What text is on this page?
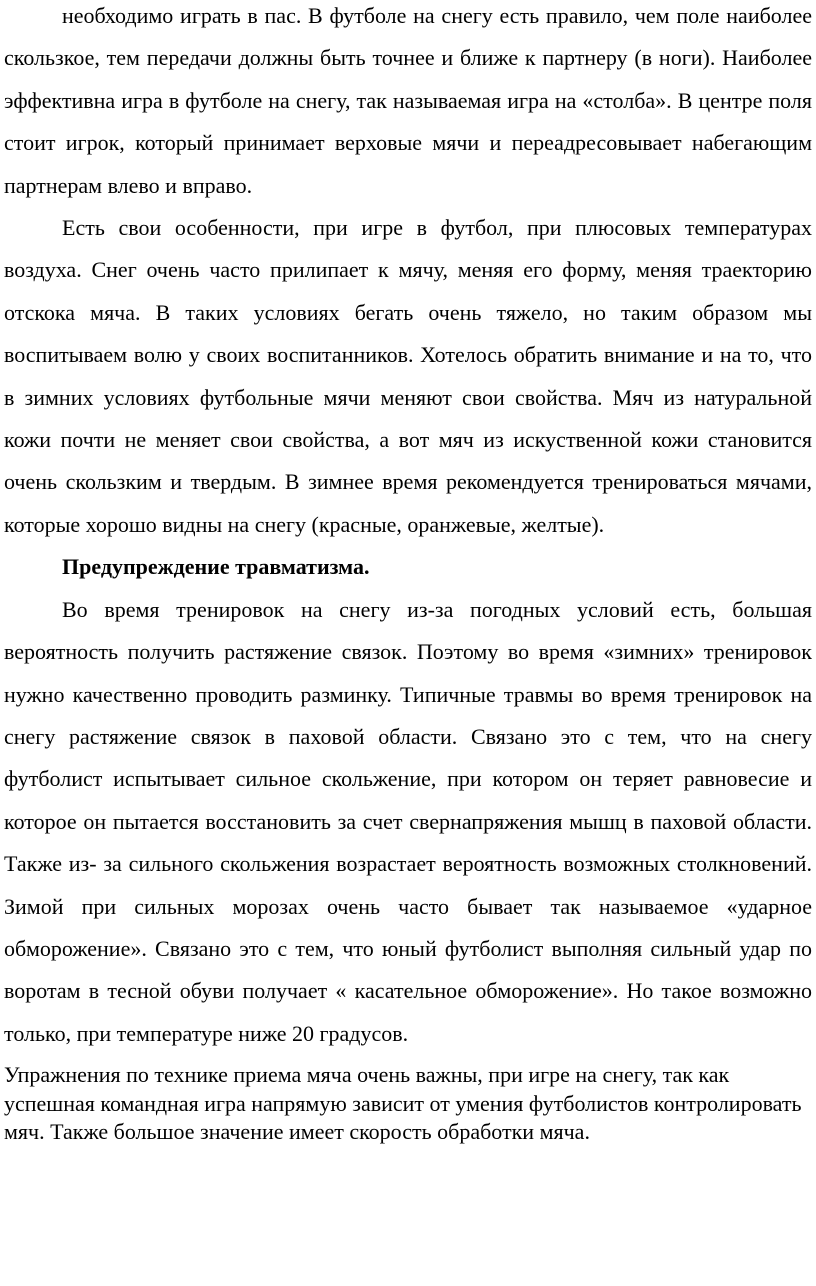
необходимо играть в пас. В футболе на снегу есть правило, чем поле наиболее скользкое, тем передачи должны быть точнее и ближе к партнеру (в ноги). Наиболее эффективна игра в футболе на снегу, так называемая игра на «столба». В центре поля стоит игрок, который принимает верховые мячи и переадресовывает набегающим партнерам влево и вправо.

Есть свои особенности, при игре в футбол, при плюсовых температурах воздуха. Снег очень часто прилипает к мячу, меняя его форму, меняя траекторию отскока мяча. В таких условиях бегать очень тяжело, но таким образом мы воспитываем волю у своих воспитанников. Хотелось обратить внимание и на то, что в зимних условиях футбольные мячи меняют свои свойства. Мяч из натуральной кожи почти не меняет свои свойства, а вот мяч из искуственной кожи становится очень скользким и твердым. В зимнее время рекомендуется тренироваться мячами, которые хорошо видны на снегу (красные, оранжевые, желтые).

Предупреждение травматизма.

Во время тренировок на снегу из-за погодных условий есть, большая вероятность получить растяжение связок. Поэтому во время «зимних» тренировок нужно качественно проводить разминку. Типичные травмы во время тренировок на снегу растяжение связок в паховой области. Связано это с тем, что на снегу футболист испытывает сильное скольжение, при котором он теряет равновесие и которое он пытается восстановить за счет свернапряжения мышц в паховой области. Также из- за сильного скольжения возрастает вероятность возможных столкновений. Зимой при сильных морозах очень часто бывает так называемое «ударное обморожение». Связано это с тем, что юный футболист выполняя сильный удар по воротам в тесной обуви получает « касательное обморожение». Но такое возможно только, при температуре ниже 20 градусов.

Упражнения по технике приема мяча очень важны, при игре на снегу, так как успешная командная игра напрямую зависит от умения футболистов контролировать мяч. Также большое значение имеет скорость обработки мяча.
